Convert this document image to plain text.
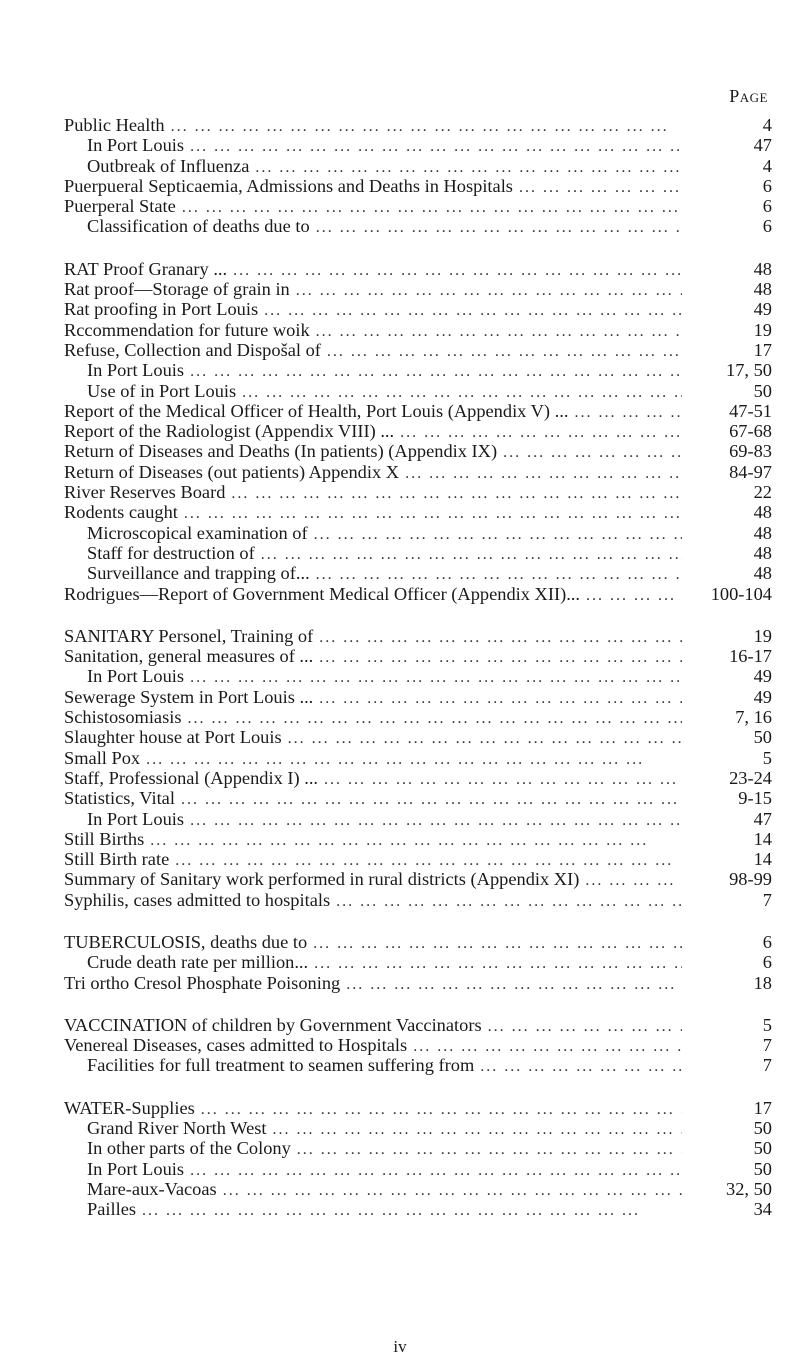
Page
Public Health ... .	4
In Port Louis ... .	47
Outbreak of Influenza ... .	4
Puerpueral Septicaemia, Admissions and Deaths in Hospitals ... .	6
Puerperal State ... .	6
Classification of deaths due to ... .	6
RAT Proof Granary ... ... .	48
Rat proof—Storage of grain in ... .	48
Rat proofing in Port Louis ... .	49
Rccommendation for future woik ... .	19
Refuse, Collection and Dispošal of ... .	17
In Port Louis ... .	17, 50
Use of in Port Louis ... .	50
Report of the Medical Officer of Health, Port Louis (Appendix V) ... ... .	47-51
Report of the Radiologist (Appendix VIII) ... ... .	67-68
Return of Diseases and Deaths (In patients) (Appendix IX) ... .	69-83
Return of Diseases (out patients) Appendix X ... .	84-97
River Reserves Board ... .	22
Rodents caught ... .	48
Microscopical examination of ... .	48
Staff for destruction of ... .	48
Surveillance and trapping of... ... .	48
Rodrigues—Report of Government Medical Officer (Appendix XII)... ... .	100-104
SANITARY Personel, Training of ... .	19
Sanitation, general measures of ... ... .	16-17
In Port Louis ... .	49
Sewerage System in Port Louis ... ... .	49
Schistosomiasis ... .	7, 16
Slaughter house at Port Louis ... .	50
Small Pox ... .	5
Staff, Professional (Appendix I) ... ... .	23-24
Statistics, Vital ... .	9-15
In Port Louis ... .	47
Still Births ... .	14
Still Birth rate ... .	14
Summary of Sanitary work performed in rural districts (Appendix XI) ... .	98-99
Syphilis, cases admitted to hospitals ... .	7
TUBERCULOSIS, deaths due to ... .	6
Crude death rate per million... ... .	6
Tri ortho Cresol Phosphate Poisoning ... .	18
VACCINATION of children by Government Vaccinators ... .	5
Venereal Diseases, cases admitted to Hospitals ... .	7
Facilities for full treatment to seamen suffering from ... .	7
WATER-Supplies ... .	17
Grand River North West ... .	50
In other parts of the Colony ... .	50
In Port Louis ... .	50
Mare-aux-Vacoas ... .	32, 50
Pailles ... .	34
iv
